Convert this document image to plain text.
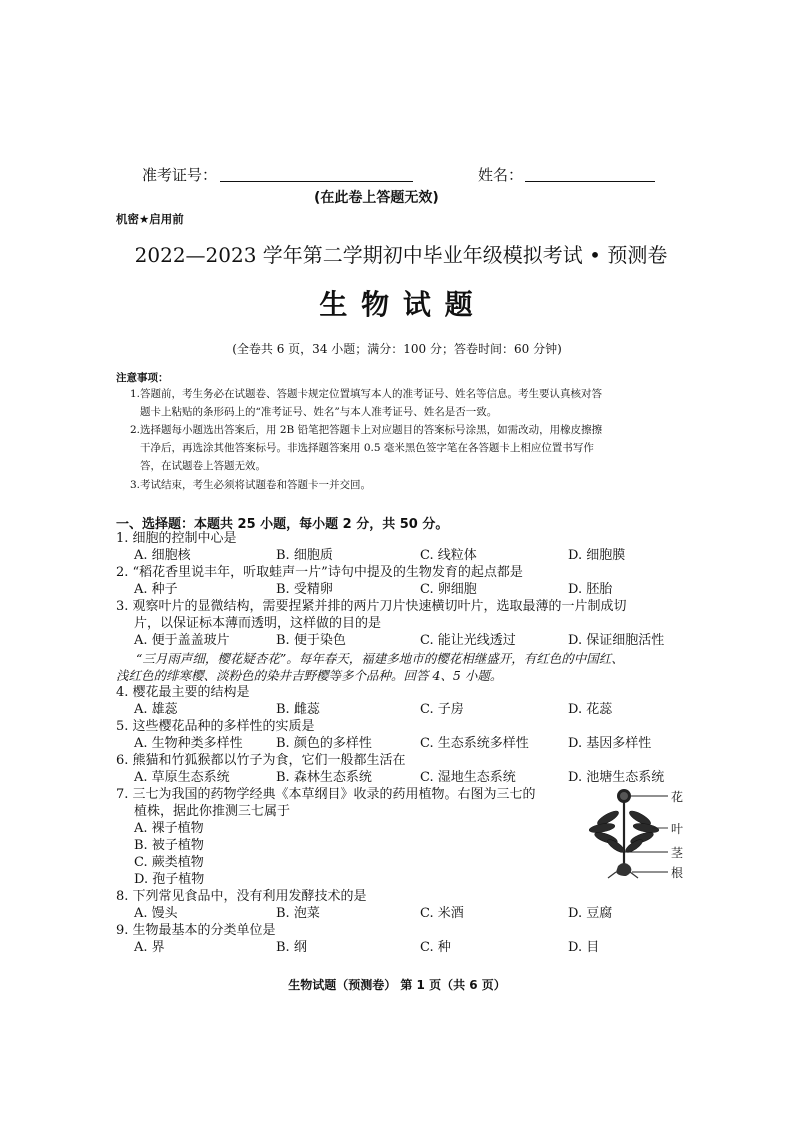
准考证号：	姓名：
(在此卷上答题无效)
机密★启用前
2022—2023 学年第二学期初中毕业年级模拟考试 • 预测卷
生 物 试 题
(全卷共 6 页，34 小题；满分：100 分；答卷时间：60 分钟)
注意事项：
1. 答题前，考生务必在试题卷、答题卡规定位置填写本人的准考证号、姓名等信息。考生要认真核对答
题卡上粘贴的条形码上的“准考证号、姓名”与本人准考证号、姓名是否一致。
2. 选择题每小题选出答案后，用 2B 铅笔把答题卡上对应题目的答案标号涂黑，如需改动，用橡皮擦擦
干净后，再选涂其他答案标号。非选择题答案用 0.5 毫米黑色签字笔在各答题卡上相应位置书写作
答，在试题卷上答题无效。
3. 考试结束，考生必须将试题卷和答题卡一并交回。
一、选择题：本题共 25 小题，每小题 2 分，共 50 分。
1. 细胞的控制中心是
A. 细胞核	B. 细胞质	C. 线粒体	D. 细胞膜
2. “稻花香里说丰年，听取蛙声一片”诗句中提及的生物发育的起点都是
A. 种子	B. 受精卵	C. 卵细胞	D. 胚胎
3. 观察叶片的显微结构，需要捏紧并排的两片刀片快速横切叶片，选取最薄的一片制成切
片，以保证标本薄而透明，这样做的目的是
A. 便于盖盖玻片	B. 便于染色	C. 能让光线透过	D. 保证细胞活性
“三月雨声细，樱花疑杏花”。每年春天，福建多地市的樱花相继盛开，有红色的中国红、
浅红色的绯寒樱、淡粉色的染井吉野樱等多个品种。回答 4、5 小题。
4. 樱花最主要的结构是
A. 雄蕊	B. 雌蕊	C. 子房	D. 花蕊
5. 这些樱花品种的多样性的实质是
A. 生物种类多样性	B. 颜色的多样性	C. 生态系统多样性	D. 基因多样性
6. 熊猫和竹狐猴都以竹子为食，它们一般都生活在
A. 草原生态系统	B. 森林生态系统	C. 湿地生态系统	D. 池塘生态系统
7. 三七为我国的药物学经典《本草纲目》收录的药用植物。右图为三七的
植株，据此你推测三七属于
A. 裸子植物
B. 被子植物
C. 蕨类植物
D. 孢子植物
花
叶
茎
根
8. 下列常见食品中，没有利用发酵技术的是
A. 馒头	B. 泡菜	C. 米酒	D. 豆腐
9. 生物最基本的分类单位是
A. 界	B. 纲	C. 种	D. 目
生物试题（预测卷） 第 1 页（共 6 页）
